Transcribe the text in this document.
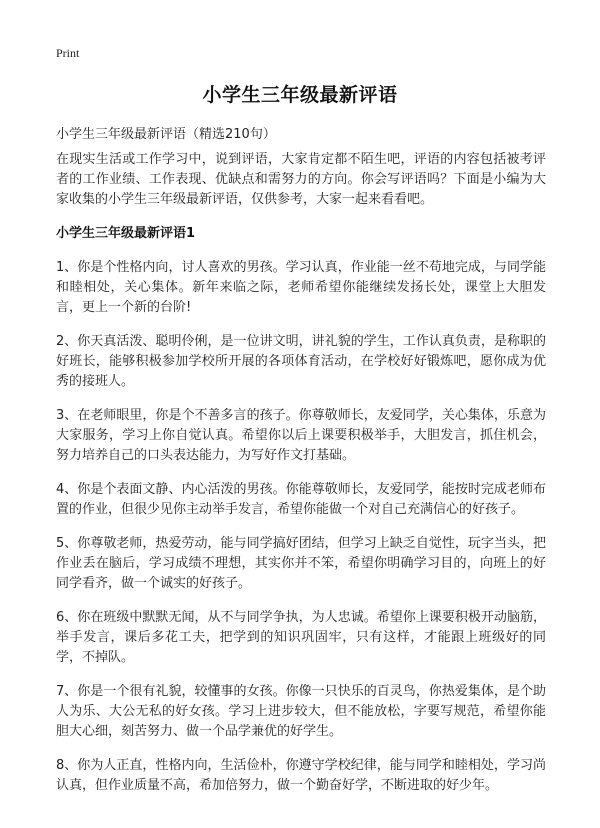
Print
小学生三年级最新评语
小学生三年级最新评语（精选210句）

在现实生活或工作学习中，说到评语，大家肯定都不陌生吧，评语的内容包括被考评者的工作业绩、工作表现、优缺点和需努力的方向。你会写评语吗？下面是小编为大家收集的小学生三年级最新评语，仅供参考，大家一起来看看吧。

小学生三年级最新评语1

1、你是个性格内向，讨人喜欢的男孩。学习认真，作业能一丝不苟地完成，与同学能和睦相处，关心集体。新年来临之际，老师希望你能继续发扬长处，课堂上大胆发言，更上一个新的台阶!

2、你天真活泼、聪明伶俐，是一位讲文明，讲礼貌的学生，工作认真负责，是称职的好班长，能够积极参加学校所开展的各项体育活动，在学校好好锻炼吧，愿你成为优秀的接班人。

3、在老师眼里，你是个不善多言的孩子。你尊敬师长，友爱同学，关心集体，乐意为大家服务，学习上你自觉认真。希望你以后上课要积极举手，大胆发言，抓住机会，努力培养自己的口头表达能力，为写好作文打基础。

4、你是个表面文静、内心活泼的男孩。你能尊敬师长，友爱同学，能按时完成老师布置的作业，但很少见你主动举手发言，希望你能做一个对自己充满信心的好孩子。

5、你尊敬老师，热爱劳动，能与同学搞好团结，但学习上缺乏自觉性，玩字当头，把作业丢在脑后，学习成绩不理想，其实你并不笨，希望你明确学习目的，向班上的好同学看齐，做一个诚实的好孩子。

6、你在班级中默默无闻，从不与同学争执，为人忠诚。希望你上课要积极开动脑筋，举手发言，课后多花工夫，把学到的知识巩固牢，只有这样，才能跟上班级好的同学，不掉队。

7、你是一个很有礼貌，较懂事的女孩。你像一只快乐的百灵鸟，你热爱集体，是个助人为乐、大公无私的好女孩。学习上进步较大，但不能放松，字要写规范，希望你能胆大心细，刻苦努力、做一个品学兼优的好学生。

8、你为人正直，性格内向，生活俭朴，你遵守学校纪律，能与同学和睦相处，学习尚认真，但作业质量不高，希加倍努力，做一个勤奋好学，不断进取的好少年。
